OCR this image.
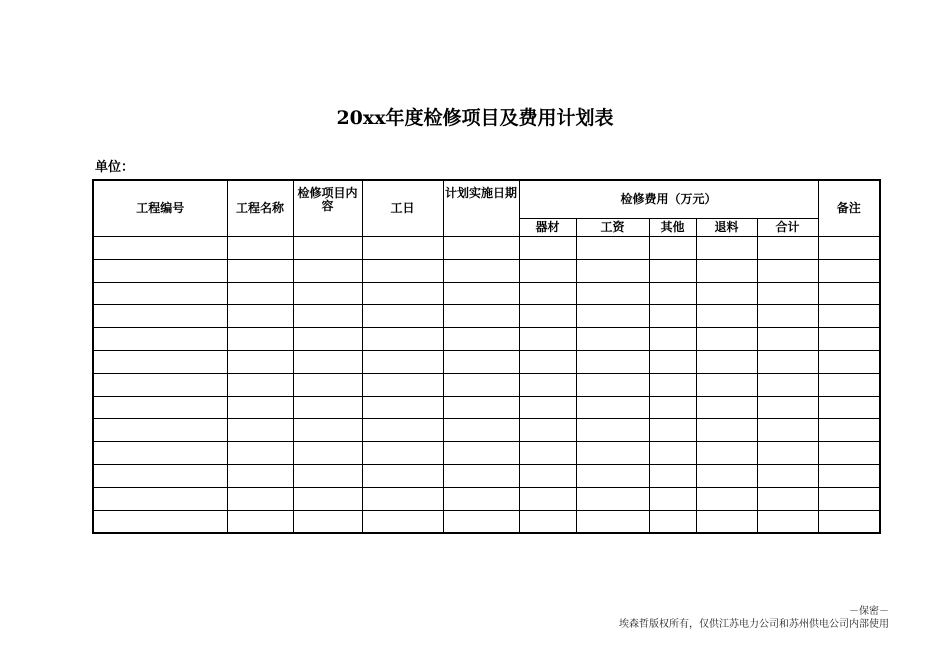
20xx年度检修项目及费用计划表
单位：
工程编号	工程名称	检修项目内容	工日	计划实施日期	检修费用（万元）					备注
					器材	工资	其他	退料	合计	

－保密－
埃森哲版权所有，仅供江苏电力公司和苏州供电公司内部使用
